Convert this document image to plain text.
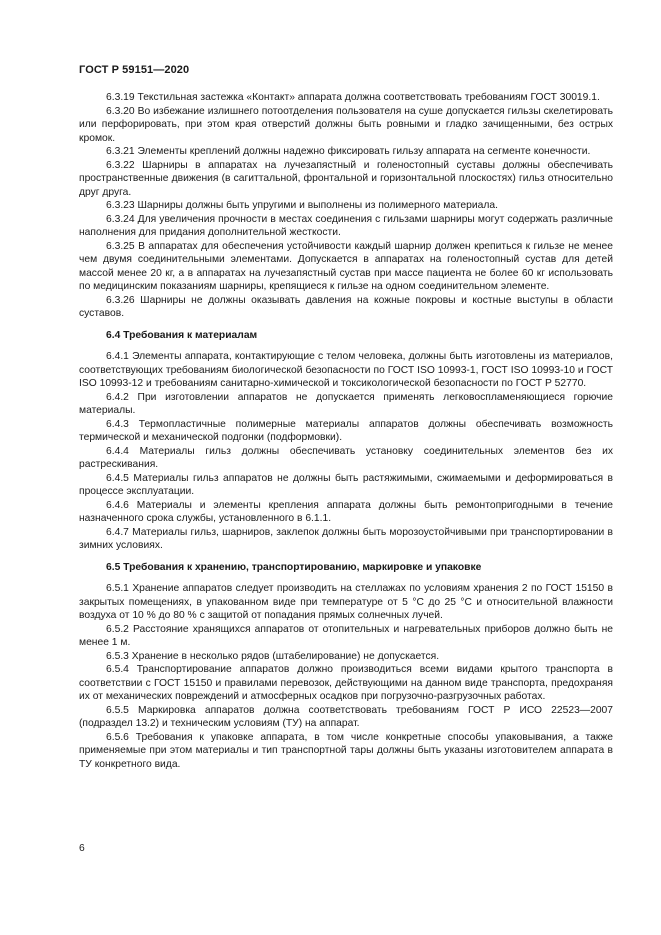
ГОСТ Р 59151—2020

6.3.19 Текстильная застежка «Контакт» аппарата должна соответствовать требованиям ГОСТ 30019.1.

6.3.20 Во избежание излишнего потоотделения пользователя на суше допускается гильзы скелетировать или перфорировать, при этом края отверстий должны быть ровными и гладко зачищенными, без острых кромок.

6.3.21 Элементы креплений должны надежно фиксировать гильзу аппарата на сегменте конечности.

6.3.22 Шарниры в аппаратах на лучезапястный и голеностопный суставы должны обеспечивать пространственные движения (в сагиттальной, фронтальной и горизонтальной плоскостях) гильз относительно друг друга.

6.3.23 Шарниры должны быть упругими и выполнены из полимерного материала.

6.3.24 Для увеличения прочности в местах соединения с гильзами шарниры могут содержать различные наполнения для придания дополнительной жесткости.

6.3.25 В аппаратах для обеспечения устойчивости каждый шарнир должен крепиться к гильзе не менее чем двумя соединительными элементами. Допускается в аппаратах на голеностопный сустав для детей массой менее 20 кг, а в аппаратах на лучезапястный сустав при массе пациента не более 60 кг использовать по медицинским показаниям шарниры, крепящиеся к гильзе на одном соединительном элементе.

6.3.26 Шарниры не должны оказывать давления на кожные покровы и костные выступы в области суставов.

6.4 Требования к материалам

6.4.1 Элементы аппарата, контактирующие с телом человека, должны быть изготовлены из материалов, соответствующих требованиям биологической безопасности по ГОСТ ISO 10993-1, ГОСТ ISO 10993-10 и ГОСТ ISO 10993-12 и требованиям санитарно-химической и токсикологической безопасности по ГОСТ Р 52770.

6.4.2 При изготовлении аппаратов не допускается применять легковоспламеняющиеся горючие материалы.

6.4.3 Термопластичные полимерные материалы аппаратов должны обеспечивать возможность термической и механической подгонки (подформовки).

6.4.4 Материалы гильз должны обеспечивать установку соединительных элементов без их растрескивания.

6.4.5 Материалы гильз аппаратов не должны быть растяжимыми, сжимаемыми и деформироваться в процессе эксплуатации.

6.4.6 Материалы и элементы крепления аппарата должны быть ремонтопригодными в течение назначенного срока службы, установленного в 6.1.1.

6.4.7 Материалы гильз, шарниров, заклепок должны быть морозоустойчивыми при транспортировании в зимних условиях.

6.5 Требования к хранению, транспортированию, маркировке и упаковке

6.5.1 Хранение аппаратов следует производить на стеллажах по условиям хранения 2 по ГОСТ 15150 в закрытых помещениях, в упакованном виде при температуре от 5 °С до 25 °С и относительной влажности воздуха от 10 % до 80 % с защитой от попадания прямых солнечных лучей.

6.5.2 Расстояние хранящихся аппаратов от отопительных и нагревательных приборов должно быть не менее 1 м.

6.5.3 Хранение в несколько рядов (штабелирование) не допускается.

6.5.4 Транспортирование аппаратов должно производиться всеми видами крытого транспорта в соответствии с ГОСТ 15150 и правилами перевозок, действующими на данном виде транспорта, предохраняя их от механических повреждений и атмосферных осадков при погрузочно-разгрузочных работах.

6.5.5 Маркировка аппаратов должна соответствовать требованиям ГОСТ Р ИСО 22523—2007 (подраздел 13.2) и техническим условиям (ТУ) на аппарат.

6.5.6 Требования к упаковке аппарата, в том числе конкретные способы упаковывания, а также применяемые при этом материалы и тип транспортной тары должны быть указаны изготовителем аппарата в ТУ конкретного вида.

6
